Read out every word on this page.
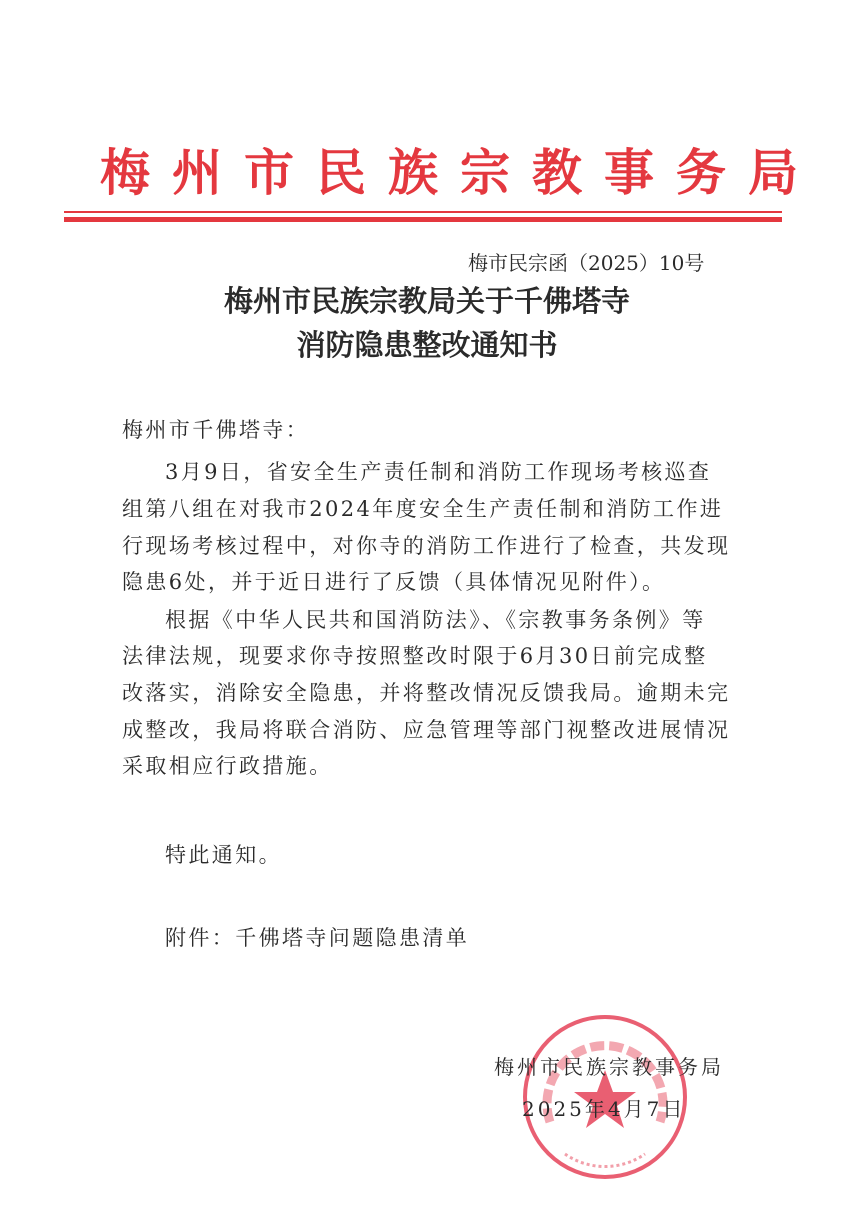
梅州市民族宗教事务局
梅市民宗函（2025）10号
梅州市民族宗教局关于千佛塔寺
消防隐患整改通知书
梅州市千佛塔寺：
3月9日，省安全生产责任制和消防工作现场考核巡查
组第八组在对我市2024年度安全生产责任制和消防工作进
行现场考核过程中，对你寺的消防工作进行了检查，共发现
隐患6处，并于近日进行了反馈（具体情况见附件）。
根据《中华人民共和国消防法》、《宗教事务条例》等
法律法规，现要求你寺按照整改时限于6月30日前完成整
改落实，消除安全隐患，并将整改情况反馈我局。逾期未完
成整改，我局将联合消防、应急管理等部门视整改进展情况
采取相应行政措施。
特此通知。
附件：千佛塔寺问题隐患清单
梅州市民族宗教事务局
2025年4月7日
